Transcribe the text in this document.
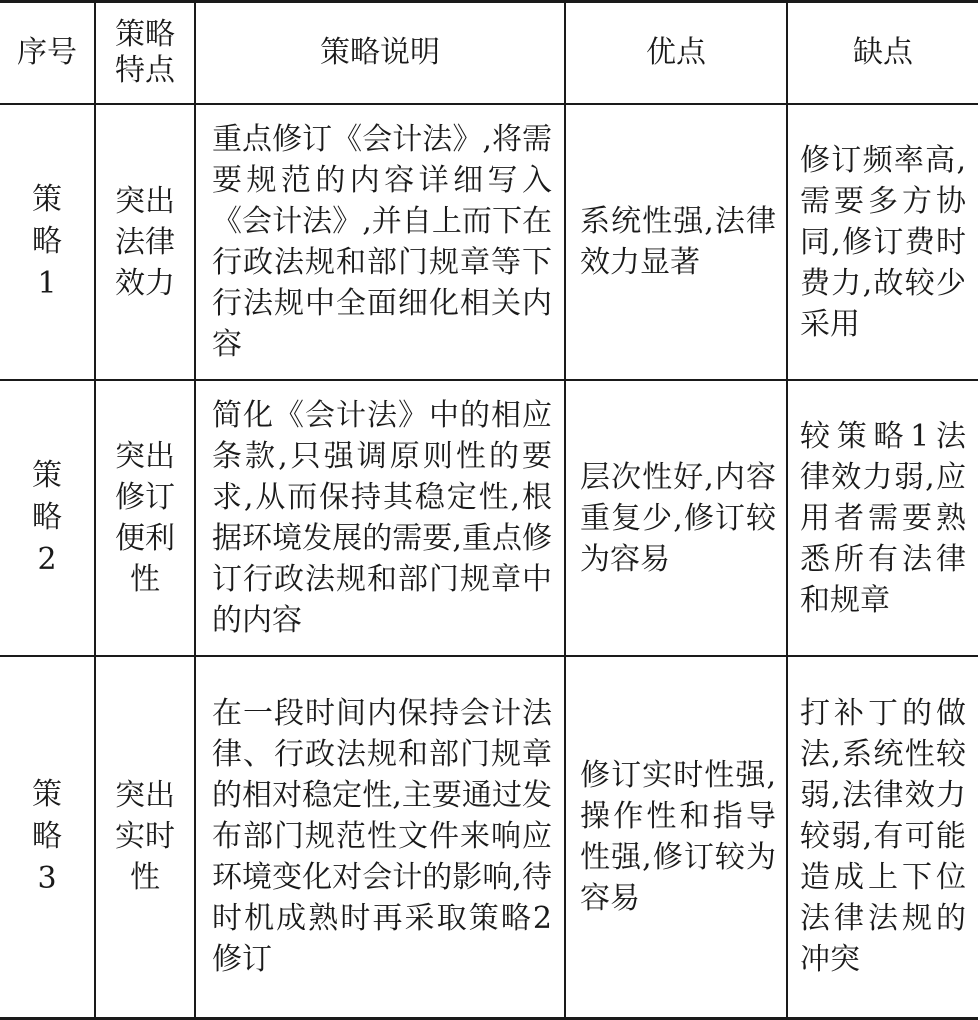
序号	策略特点	策略说明	优点	缺点
策略1	突出法律效力	重点修订《会计法》,将需要规范的内容详细写入《会计法》,并自上而下在行政法规和部门规章等下行法规中全面细化相关内容	系统性强,法律效力显著	修订频率高,需要多方协同,修订费时费力,故较少采用
策略2	突出修订便利性	简化《会计法》中的相应条款,只强调原则性的要求,从而保持其稳定性,根据环境发展的需要,重点修订行政法规和部门规章中的内容	层次性好,内容重复少,修订较为容易	较策略1法律效力弱,应用者需要熟悉所有法律和规章
策略3	突出实时性	在一段时间内保持会计法律、行政法规和部门规章的相对稳定性,主要通过发布部门规范性文件来响应环境变化对会计的影响,待时机成熟时再采取策略2修订	修订实时性强,操作性和指导性强,修订较为容易	打补丁的做法,系统性较弱,法律效力较弱,有可能造成上下位法律法规的冲突
